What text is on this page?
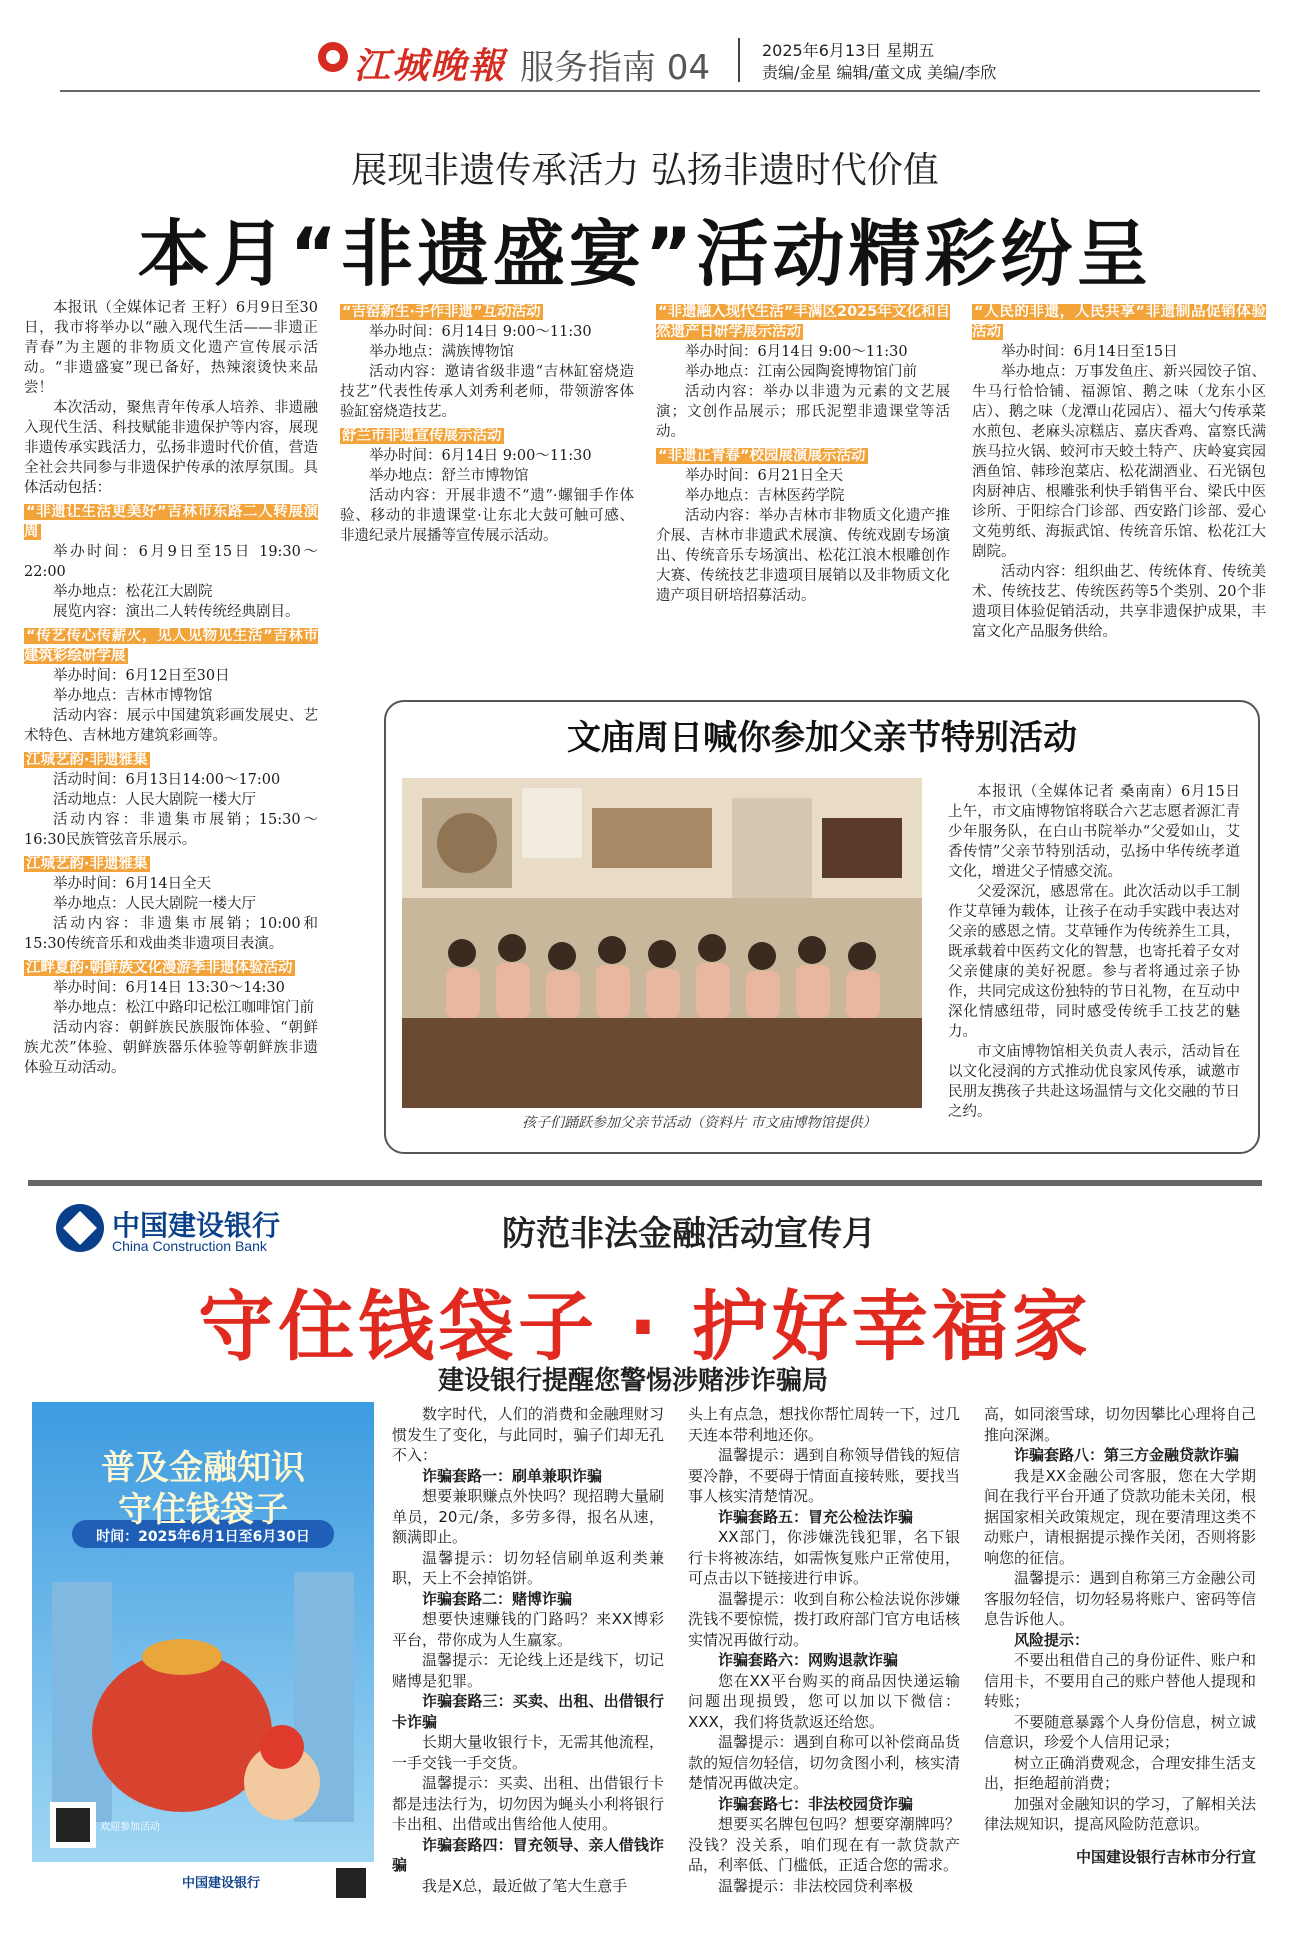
江城晚報 服务指南 04	2025年6月13日 星期五
责编/金星 编辑/董文成 美编/李欣
展现非遗传承活力 弘扬非遗时代价值
本月“非遗盛宴”活动精彩纷呈

本报讯（全媒体记者 王籽）6月9日至30日，我市将举办以“融入现代生活——非遗正青春”为主题的非物质文化遗产宣传展示活动。“非遗盛宴”现已备好，热辣滚烫快来品尝！

本次活动，聚焦青年传承人培养、非遗融入现代生活、科技赋能非遗保护等内容，展现非遗传承实践活力，弘扬非遗时代价值，营造全社会共同参与非遗保护传承的浓厚氛围。具体活动包括：

“非遗让生活更美好”吉林市东路二人转展演周
举办时间：6月9日至15日 19:30～22:00
举办地点：松花江大剧院
展览内容：演出二人转传统经典剧目。
“传艺传心传薪火，见人见物见生活”吉林市建筑彩绘研学展
举办时间：6月12日至30日
举办地点：吉林市博物馆
活动内容：展示中国建筑彩画发展史、艺术特色、吉林地方建筑彩画等。
江城艺韵·非遗雅集
活动时间：6月13日14:00～17:00
活动地点：人民大剧院一楼大厅
活动内容：非遗集市展销；15:30～16:30民族管弦音乐展示。
江城艺韵·非遗雅集
举办时间：6月14日全天
举办地点：人民大剧院一楼大厅
活动内容：非遗集市展销；10:00和15:30传统音乐和戏曲类非遗项目表演。
江畔夏韵·朝鲜族文化漫游季非遗体验活动
举办时间：6月14日 13:30～14:30
举办地点：松江中路印记松江咖啡馆门前
活动内容：朝鲜族民族服饰体验、“朝鲜族尤茨”体验、朝鲜族器乐体验等朝鲜族非遗体验互动活动。
“吉窑新生·手作非遗”互动活动
举办时间：6月14日 9:00～11:30
举办地点：满族博物馆
活动内容：邀请省级非遗“吉林缸窑烧造技艺”代表性传承人刘秀利老师，带领游客体验缸窑烧造技艺。
舒兰市非遗宣传展示活动
举办时间：6月14日 9:00～11:30
举办地点：舒兰市博物馆
活动内容：开展非遗不“遗”·螺钿手作体验、移动的非遗课堂·让东北大鼓可触可感、非遗纪录片展播等宣传展示活动。
“非遗融入现代生活”丰满区2025年文化和自然遗产日研学展示活动
举办时间：6月14日 9:00～11:30
举办地点：江南公园陶瓷博物馆门前
活动内容：举办以非遗为元素的文艺展演；文创作品展示；邢氏泥塑非遗课堂等活动。
“非遗正青春”校园展演展示活动
举办时间：6月21日全天
举办地点：吉林医药学院
活动内容：举办吉林市非物质文化遗产推介展、吉林市非遗武术展演、传统戏剧专场演出、传统音乐专场演出、松花江浪木根雕创作大赛、传统技艺非遗项目展销以及非物质文化遗产项目研培招募活动。
“人民的非遗，人民共享”非遗制品促销体验活动
举办时间：6月14日至15日
举办地点：万事发鱼庄、新兴园饺子馆、牛马行恰恰铺、福源馆、鹅之味（龙东小区店）、鹅之味（龙潭山花园店）、福大勺传承菜水煎包、老麻头凉糕店、嘉庆香鸡、富察氏满族马拉火锅、蛟河市天蛟土特产、庆岭宴宾园酒鱼馆、韩珍泡菜店、松花湖酒业、石光锅包肉厨神店、根雕张利快手销售平台、梁氏中医诊所、于阳综合门诊部、西安路门诊部、爱心文苑剪纸、海振武馆、传统音乐馆、松花江大剧院。
活动内容：组织曲艺、传统体育、传统美术、传统技艺、传统医药等5个类别、20个非遗项目体验促销活动，共享非遗保护成果，丰富文化产品服务供给。
文庙周日喊你参加父亲节特别活动
孩子们踊跃参加父亲节活动（资料片 市文庙博物馆提供）

本报讯（全媒体记者 桑南南）6月15日上午，市文庙博物馆将联合六艺志愿者源汇青少年服务队，在白山书院举办“父爱如山，艾香传情”父亲节特别活动，弘扬中华传统孝道文化，增进父子情感交流。

父爱深沉，感恩常在。此次活动以手工制作艾草锤为载体，让孩子在动手实践中表达对父亲的感恩之情。艾草锤作为传统养生工具，既承载着中医药文化的智慧，也寄托着子女对父亲健康的美好祝愿。参与者将通过亲子协作，共同完成这份独特的节日礼物，在互动中深化情感纽带，同时感受传统手工技艺的魅力。

市文庙博物馆相关负责人表示，活动旨在以文化浸润的方式推动优良家风传承，诚邀市民朋友携孩子共赴这场温情与文化交融的节日之约。

中国建设银行
China Construction Bank	防范非法金融活动宣传月
守住钱袋子 · 护好幸福家
建设银行提醒您警惕涉赌涉诈骗局
普及金融知识
守住钱袋子
时间：2025年6月1日至6月30日
欢迎参加活动
中国建设银行
数字时代，人们的消费和金融理财习惯发生了变化，与此同时，骗子们却无孔不入：
诈骗套路一：刷单兼职诈骗
想要兼职赚点外快吗？现招聘大量刷单员，20元/条，多劳多得，报名从速，额满即止。
温馨提示：切勿轻信刷单返利类兼职，天上不会掉馅饼。
诈骗套路二：赌博诈骗
想要快速赚钱的门路吗？来XX博彩平台，带你成为人生赢家。
温馨提示：无论线上还是线下，切记赌博是犯罪。
诈骗套路三：买卖、出租、出借银行卡诈骗
长期大量收银行卡，无需其他流程，一手交钱一手交货。
温馨提示：买卖、出租、出借银行卡都是违法行为，切勿因为蝇头小利将银行卡出租、出借或出售给他人使用。
诈骗套路四：冒充领导、亲人借钱诈骗
我是X总，最近做了笔大生意手
头上有点急，想找你帮忙周转一下，过几天连本带利地还你。
温馨提示：遇到自称领导借钱的短信要冷静，不要碍于情面直接转账，要找当事人核实清楚情况。
诈骗套路五：冒充公检法诈骗
XX部门，你涉嫌洗钱犯罪，名下银行卡将被冻结，如需恢复账户正常使用，可点击以下链接进行申诉。
温馨提示：收到自称公检法说你涉嫌洗钱不要惊慌，拨打政府部门官方电话核实情况再做行动。
诈骗套路六：网购退款诈骗
您在XX平台购买的商品因快递运输问题出现损毁，您可以加以下微信：XXX，我们将货款返还给您。
温馨提示：遇到自称可以补偿商品货款的短信勿轻信，切勿贪图小利，核实清楚情况再做决定。
诈骗套路七：非法校园贷诈骗
想要买名牌包包吗？想要穿潮牌吗？没钱？没关系，咱们现在有一款贷款产品，利率低、门槛低，正适合您的需求。
温馨提示：非法校园贷利率极
高，如同滚雪球，切勿因攀比心理将自己推向深渊。
诈骗套路八：第三方金融贷款诈骗
我是XX金融公司客服，您在大学期间在我行平台开通了贷款功能未关闭，根据国家相关政策规定，现在要清理这类不动账户，请根据提示操作关闭，否则将影响您的征信。
温馨提示：遇到自称第三方金融公司客服勿轻信，切勿轻易将账户、密码等信息告诉他人。
风险提示：
不要出租借自己的身份证件、账户和信用卡，不要用自己的账户替他人提现和转账；
不要随意暴露个人身份信息，树立诚信意识，珍爱个人信用记录；
树立正确消费观念，合理安排生活支出，拒绝超前消费；
加强对金融知识的学习，了解相关法律法规知识，提高风险防范意识。
中国建设银行吉林市分行宣
